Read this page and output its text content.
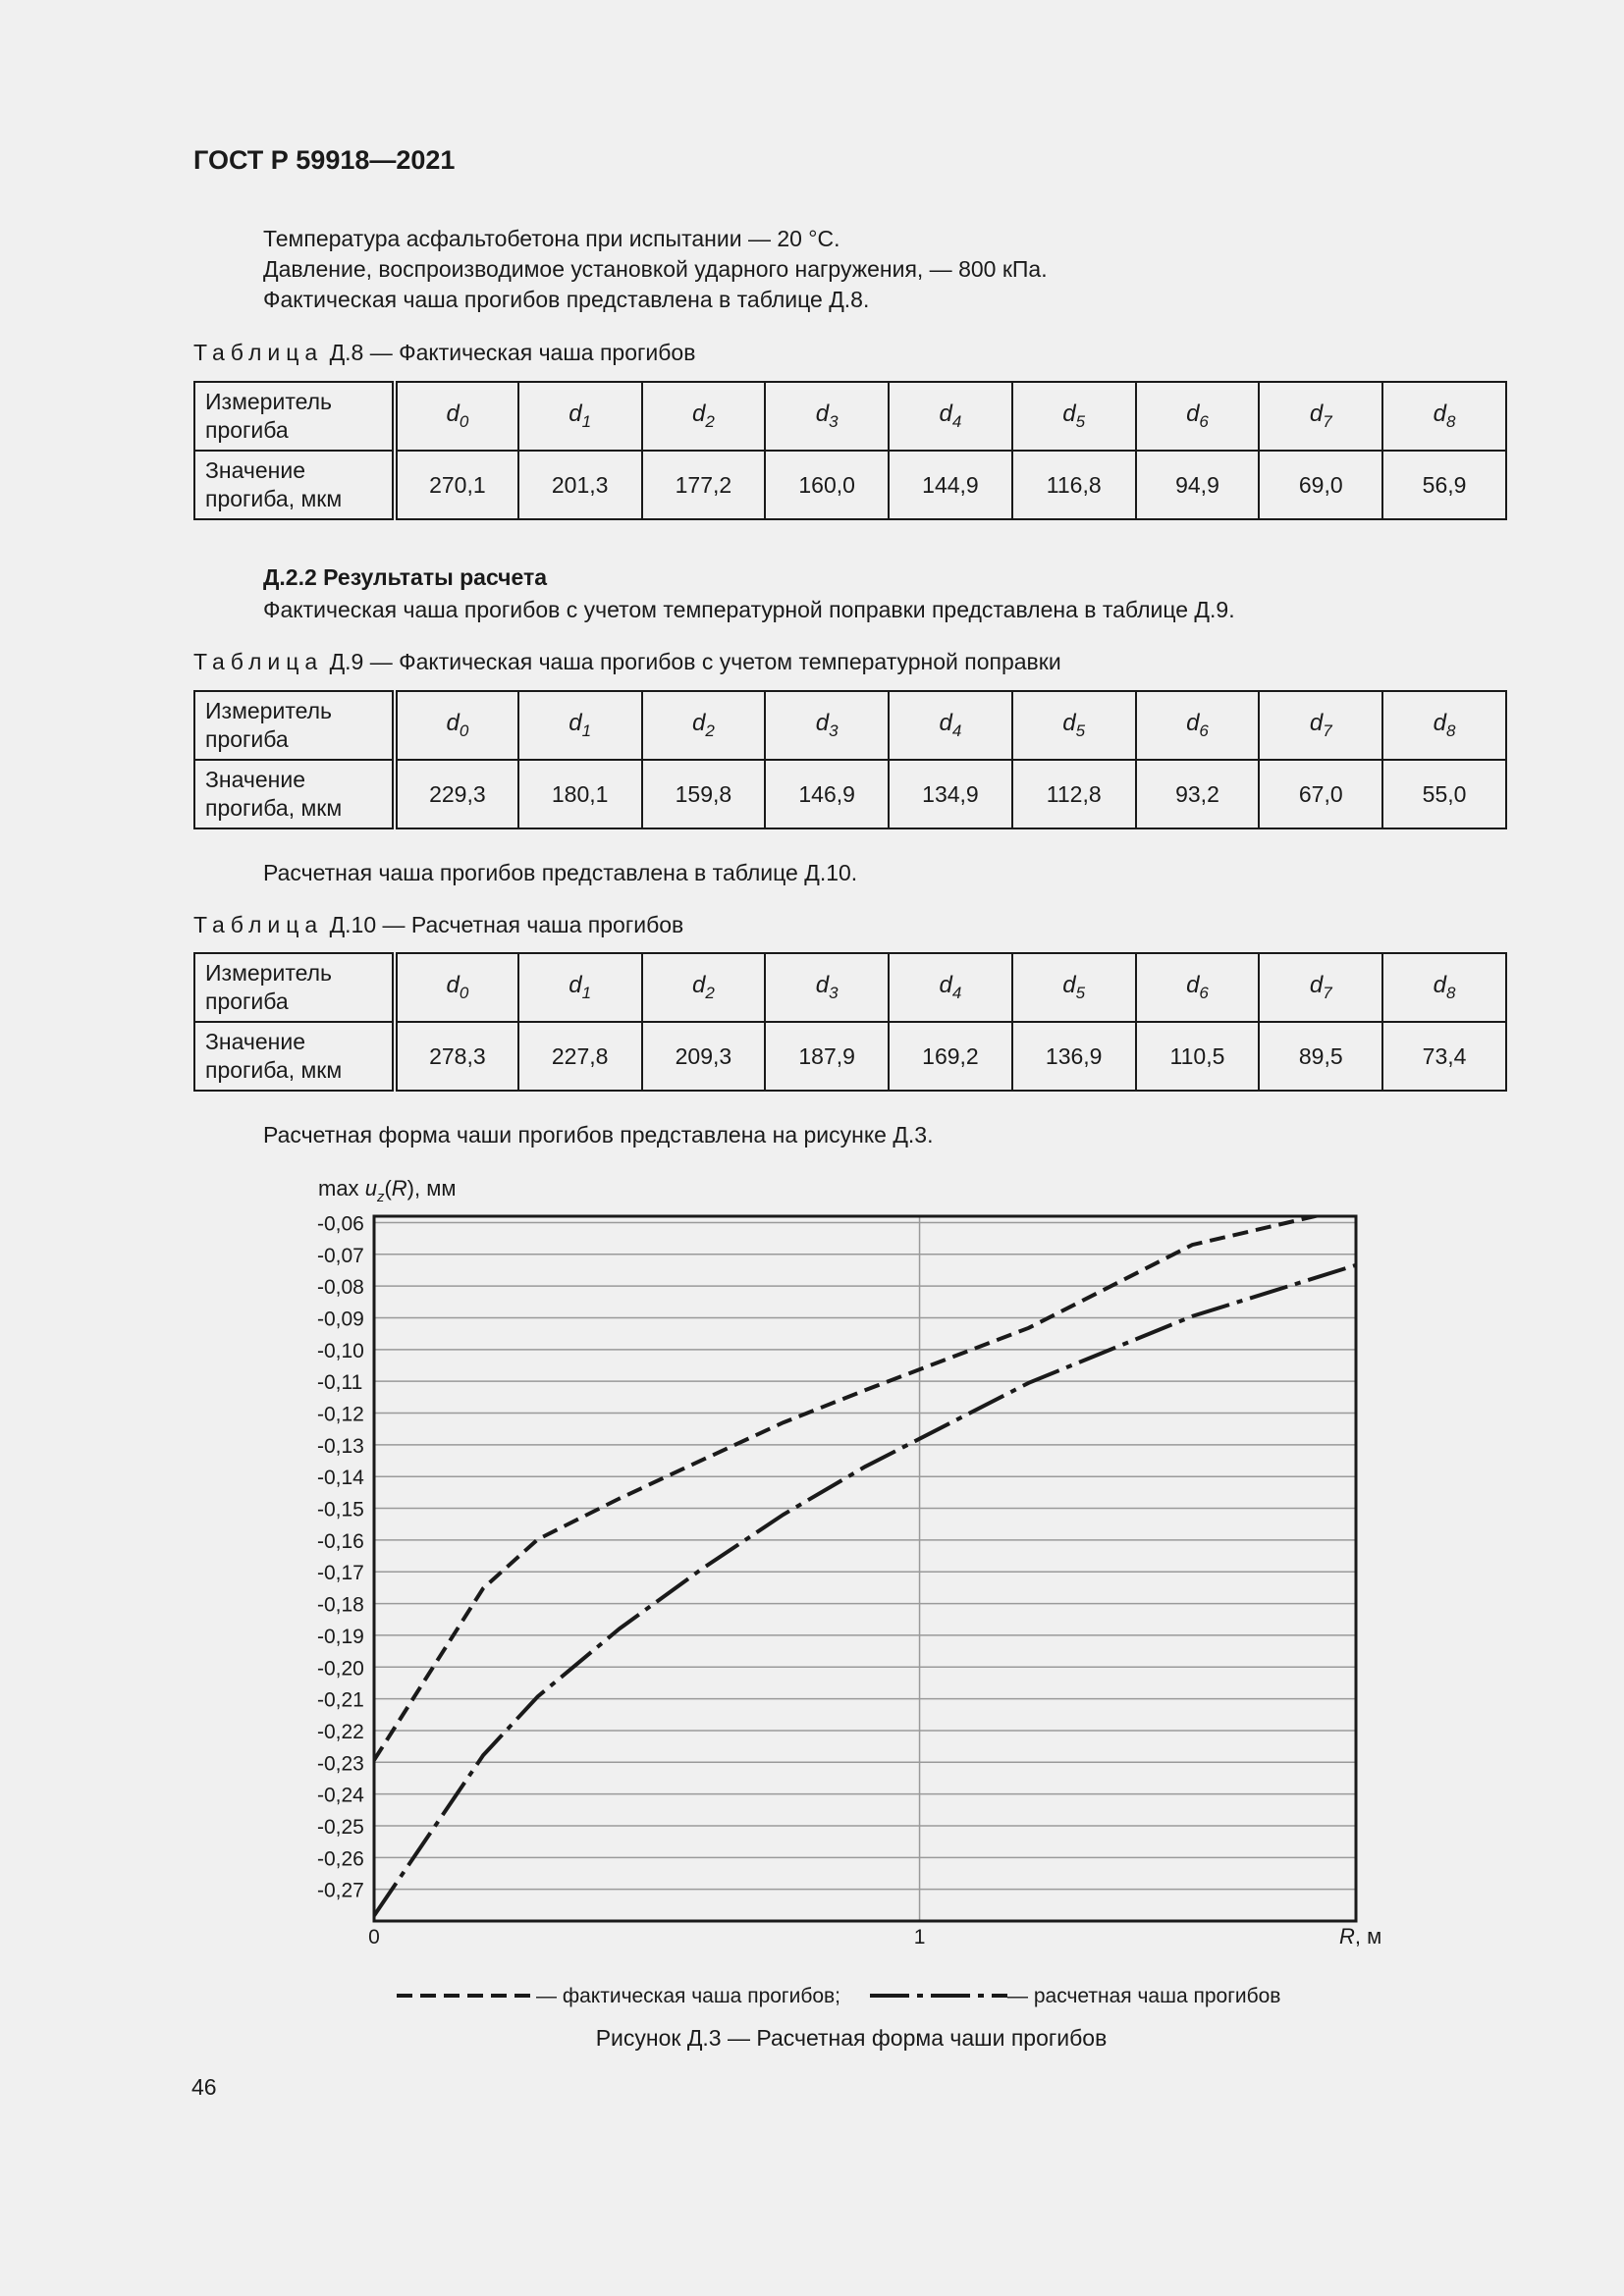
ГОСТ Р 59918—2021
Температура асфальтобетона при испытании — 20 °C.
Давление, воспроизводимое установкой ударного нагружения, — 800 кПа.
Фактическая чаша прогибов представлена в таблице Д.8.
Таблица Д.8 — Фактическая чаша прогибов
Измеритель
прогиба	$d_0$	$d_1$	$d_2$	$d_3$	$d_4$	$d_5$	$d_6$	$d_7$	$d_8$
Значение
прогиба, мкм	270,1	201,3	177,2	160,0	144,9	116,8	94,9	69,0	56,9
Д.2.2 Результаты расчета
Фактическая чаша прогибов с учетом температурной поправки представлена в таблице Д.9.
Таблица Д.9 — Фактическая чаша прогибов с учетом температурной поправки
Измеритель
прогиба	$d_0$	$d_1$	$d_2$	$d_3$	$d_4$	$d_5$	$d_6$	$d_7$	$d_8$
Значение
прогиба, мкм	229,3	180,1	159,8	146,9	134,9	112,8	93,2	67,0	55,0
Расчетная чаша прогибов представлена в таблице Д.10.
Таблица Д.10 — Расчетная чаша прогибов
Измеритель
прогиба	$d_0$	$d_1$	$d_2$	$d_3$	$d_4$	$d_5$	$d_6$	$d_7$	$d_8$
Значение
прогиба, мкм	278,3	227,8	209,3	187,9	169,2	136,9	110,5	89,5	73,4
Расчетная форма чаши прогибов представлена на рисунке Д.3.
$\max u_z(R)$, мм
-0,06
-0,07
-0,08
-0,09
-0,10
-0,11
-0,12
-0,13
-0,14
-0,15
-0,16
-0,17
-0,18
-0,19
-0,20
-0,21
-0,22
-0,23
-0,24
-0,25
-0,26
-0,27
0	1	R, м
— фактическая чаша прогибов;	— расчетная чаша прогибов
Рисунок Д.3 — Расчетная форма чаши прогибов
46
